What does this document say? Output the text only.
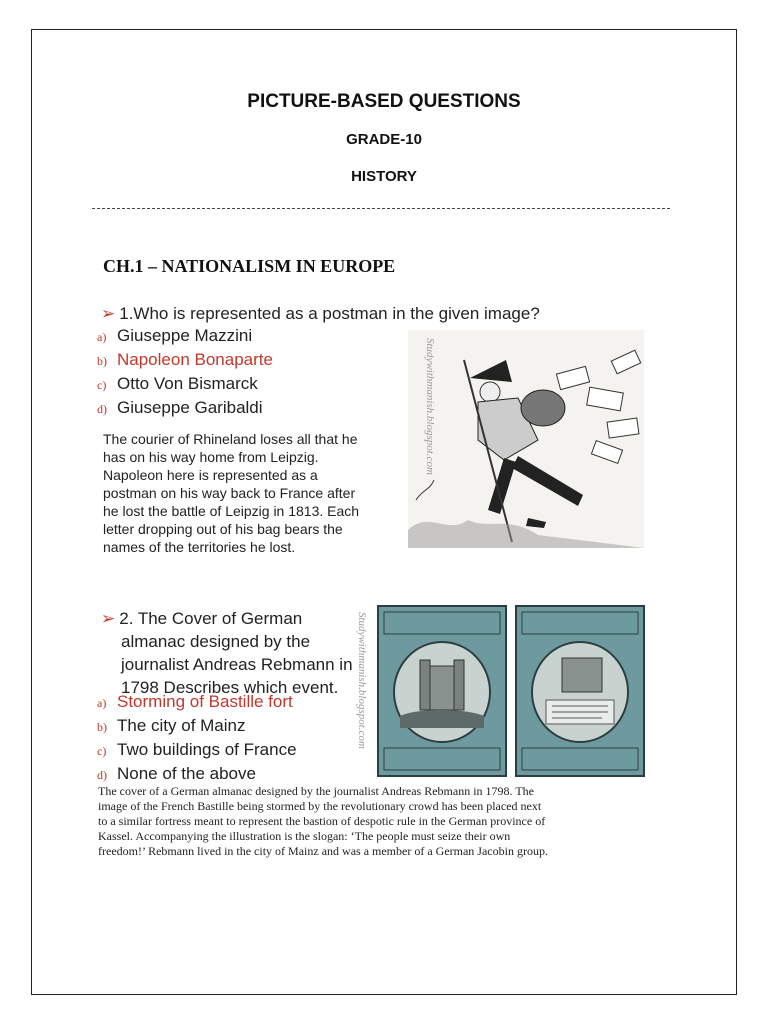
PICTURE-BASED QUESTIONS
GRADE-10
HISTORY
CH.1 – NATIONALISM IN EUROPE
➢ 1.Who is represented as a postman in the given image?
a) Giuseppe Mazzini
b) Napoleon Bonaparte
c) Otto Von Bismarck
d) Giuseppe Garibaldi
The courier of Rhineland loses all that he
has on his way home from Leipzig.
Napoleon here is represented as a
postman on his way back to France after
he lost the battle of Leipzig in 1813. Each
letter dropping out of his bag bears the
names of the territories he lost.
Studywithmanish.blogspot.com
➢ 2. The Cover of German
almanac designed by the
journalist Andreas Rebmann in
1798 Describes which event.
a) Storming of Bastille fort
b) The city of Mainz
c) Two buildings of France
d) None of the above
Studywithmanish.blogspot.com
The cover of a German almanac designed by the journalist Andreas Rebmann in 1798. The
image of the French Bastille being stormed by the revolutionary crowd has been placed next
to a similar fortress meant to represent the bastion of despotic rule in the German province of
Kassel. Accompanying the illustration is the slogan: ‘The people must seize their own
freedom!’ Rebmann lived in the city of Mainz and was a member of a German Jacobin group.
